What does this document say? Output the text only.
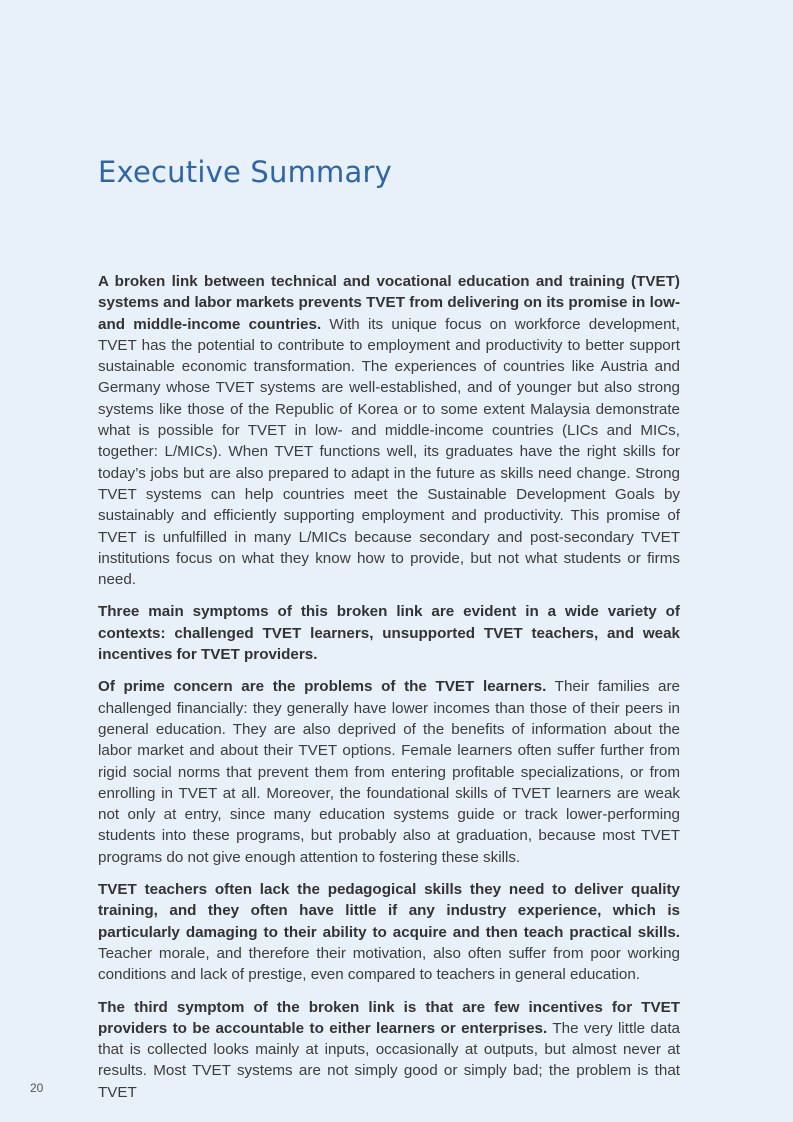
Executive Summary

A broken link between technical and vocational education and training (TVET) systems and labor markets prevents TVET from delivering on its promise in low- and middle-income countries. With its unique focus on workforce development, TVET has the potential to contribute to employment and productivity to better support sustainable economic transformation. The experiences of countries like Austria and Germany whose TVET systems are well-established, and of younger but also strong systems like those of the Republic of Korea or to some extent Malaysia demonstrate what is possible for TVET in low- and middle-income countries (LICs and MICs, together: L/MICs). When TVET functions well, its graduates have the right skills for today’s jobs but are also prepared to adapt in the future as skills need change. Strong TVET systems can help countries meet the Sustainable Development Goals by sustainably and efficiently supporting employment and productivity. This promise of TVET is unfulfilled in many L/MICs because secondary and post-secondary TVET institutions focus on what they know how to provide, but not what students or firms need.

Three main symptoms of this broken link are evident in a wide variety of contexts: challenged TVET learners, unsupported TVET teachers, and weak incentives for TVET providers.

Of prime concern are the problems of the TVET learners. Their families are challenged financially: they generally have lower incomes than those of their peers in general education. They are also deprived of the benefits of information about the labor market and about their TVET options. Female learners often suffer further from rigid social norms that prevent them from entering profitable specializations, or from enrolling in TVET at all. Moreover, the foundational skills of TVET learners are weak not only at entry, since many education systems guide or track lower-performing students into these programs, but probably also at graduation, because most TVET programs do not give enough attention to fostering these skills.

TVET teachers often lack the pedagogical skills they need to deliver quality training, and they often have little if any industry experience, which is particularly damaging to their ability to acquire and then teach practical skills. Teacher morale, and therefore their motivation, also often suffer from poor working conditions and lack of prestige, even compared to teachers in general education.

The third symptom of the broken link is that are few incentives for TVET providers to be accountable to either learners or enterprises. The very little data that is collected looks mainly at inputs, occasionally at outputs, but almost never at results. Most TVET systems are not simply good or simply bad; the problem is that TVET

20
